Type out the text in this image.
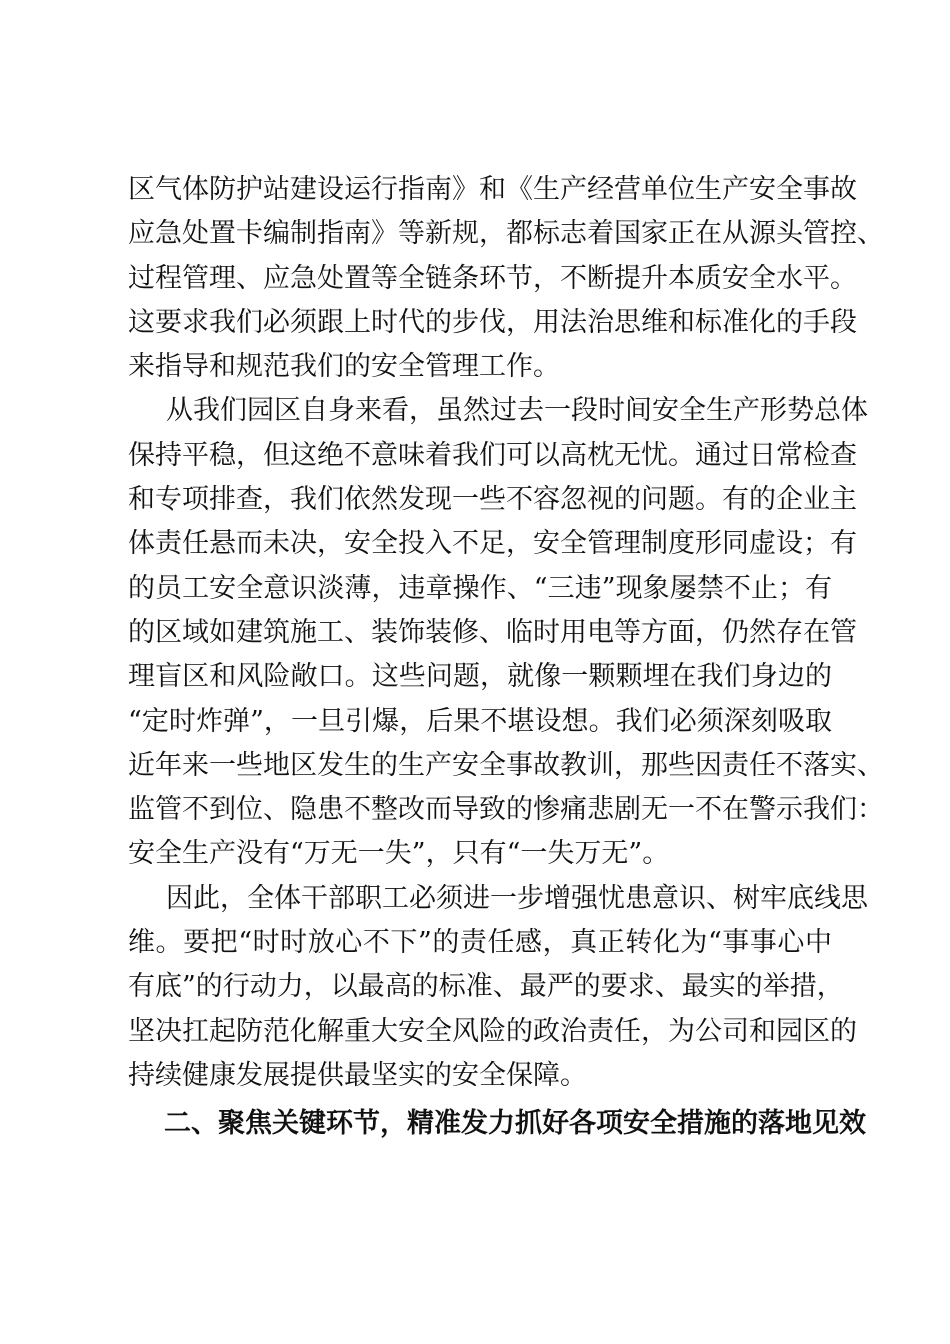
区气体防护站建设运行指南》和《生产经营单位生产安全事故
应急处置卡编制指南》等新规，都标志着国家正在从源头管控、
过程管理、应急处置等全链条环节，不断提升本质安全水平。
这要求我们必须跟上时代的步伐，用法治思维和标准化的手段
来指导和规范我们的安全管理工作。
从我们园区自身来看，虽然过去一段时间安全生产形势总体
保持平稳，但这绝不意味着我们可以高枕无忧。通过日常检查
和专项排查，我们依然发现一些不容忽视的问题。有的企业主
体责任悬而未决，安全投入不足，安全管理制度形同虚设；有
的员工安全意识淡薄，违章操作、“三违”现象屡禁不止；有
的区域如建筑施工、装饰装修、临时用电等方面，仍然存在管
理盲区和风险敞口。这些问题，就像一颗颗埋在我们身边的
“定时炸弹”，一旦引爆，后果不堪设想。我们必须深刻吸取
近年来一些地区发生的生产安全事故教训，那些因责任不落实、
监管不到位、隐患不整改而导致的惨痛悲剧无一不在警示我们：
安全生产没有“万无一失”，只有“一失万无”。
因此，全体干部职工必须进一步增强忧患意识、树牢底线思
维。要把“时时放心不下”的责任感，真正转化为“事事心中
有底”的行动力，以最高的标准、最严的要求、最实的举措，
坚决扛起防范化解重大安全风险的政治责任，为公司和园区的
持续健康发展提供最坚实的安全保障。
二、聚焦关键环节，精准发力抓好各项安全措施的落地见效
